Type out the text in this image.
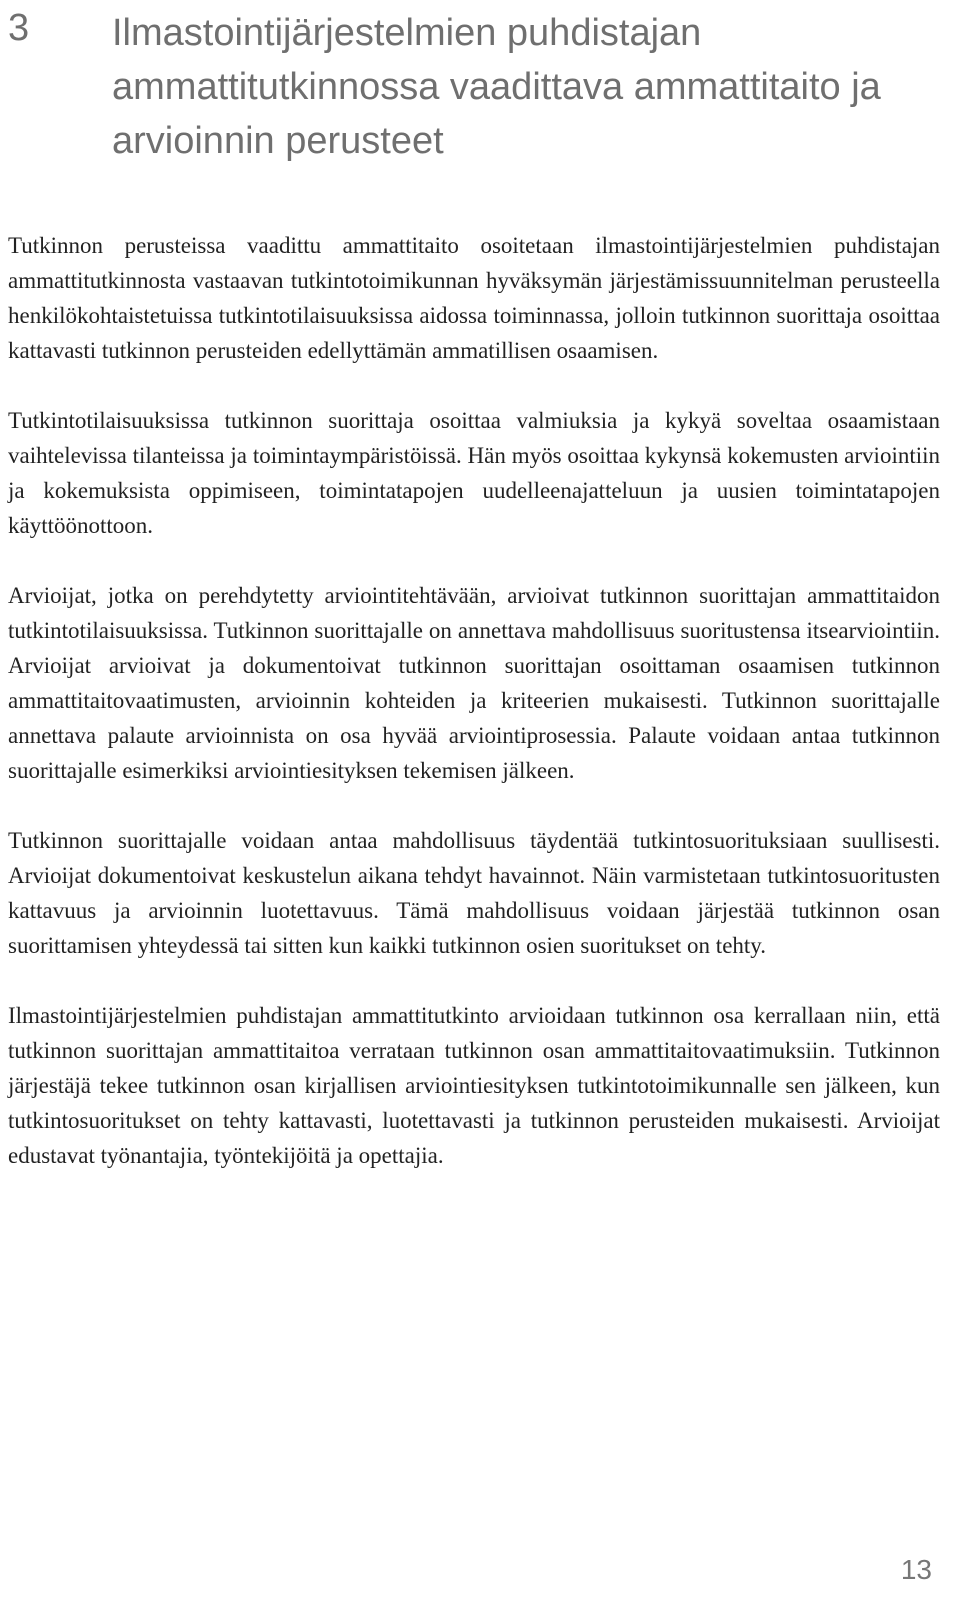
3 Ilmastointijärjestelmien puhdistajan ammattitutkinnossa vaadittava ammattitaito ja arvioinnin perusteet

Tutkinnon perusteissa vaadittu ammattitaito osoitetaan ilmastointijärjestelmien puhdistajan ammattitutkinnosta vastaavan tutkintotoimikunnan hyväksymän järjestämissuunnitelman perusteella henkilökohtaistetuissa tutkintotilaisuuksissa aidossa toiminnassa, jolloin tutkinnon suorittaja osoittaa kattavasti tutkinnon perusteiden edellyttämän ammatillisen osaamisen.

Tutkintotilaisuuksissa tutkinnon suorittaja osoittaa valmiuksia ja kykyä soveltaa osaamistaan vaihtelevissa tilanteissa ja toimintaympäristöissä. Hän myös osoittaa kykynsä kokemusten arviointiin ja kokemuksista oppimiseen, toimintatapojen uudelleenajatteluun ja uusien toimintatapojen käyttöönottoon.

Arvioijat, jotka on perehdytetty arviointitehtävään, arvioivat tutkinnon suorittajan ammattitaidon tutkintotilaisuuksissa. Tutkinnon suorittajalle on annettava mahdollisuus suoritustensa itsearviointiin. Arvioijat arvioivat ja dokumentoivat tutkinnon suorittajan osoittaman osaamisen tutkinnon ammattitaitovaatimusten, arvioinnin kohteiden ja kriteerien mukaisesti. Tutkinnon suorittajalle annettava palaute arvioinnista on osa hyvää arviointiprosessia. Palaute voidaan antaa tutkinnon suorittajalle esimerkiksi arviointiesityksen tekemisen jälkeen.

Tutkinnon suorittajalle voidaan antaa mahdollisuus täydentää tutkintosuorituksiaan suullisesti. Arvioijat dokumentoivat keskustelun aikana tehdyt havainnot. Näin varmistetaan tutkintosuoritusten kattavuus ja arvioinnin luotettavuus. Tämä mahdollisuus voidaan järjestää tutkinnon osan suorittamisen yhteydessä tai sitten kun kaikki tutkinnon osien suoritukset on tehty.

Ilmastointijärjestelmien puhdistajan ammattitutkinto arvioidaan tutkinnon osa kerrallaan niin, että tutkinnon suorittajan ammattitaitoa verrataan tutkinnon osan ammattitaitovaatimuksiin. Tutkinnon järjestäjä tekee tutkinnon osan kirjallisen arviointiesityksen tutkintotoimikunnalle sen jälkeen, kun tutkintosuoritukset on tehty kattavasti, luotettavasti ja tutkinnon perusteiden mukaisesti. Arvioijat edustavat työnantajia, työntekijöitä ja opettajia.

13
